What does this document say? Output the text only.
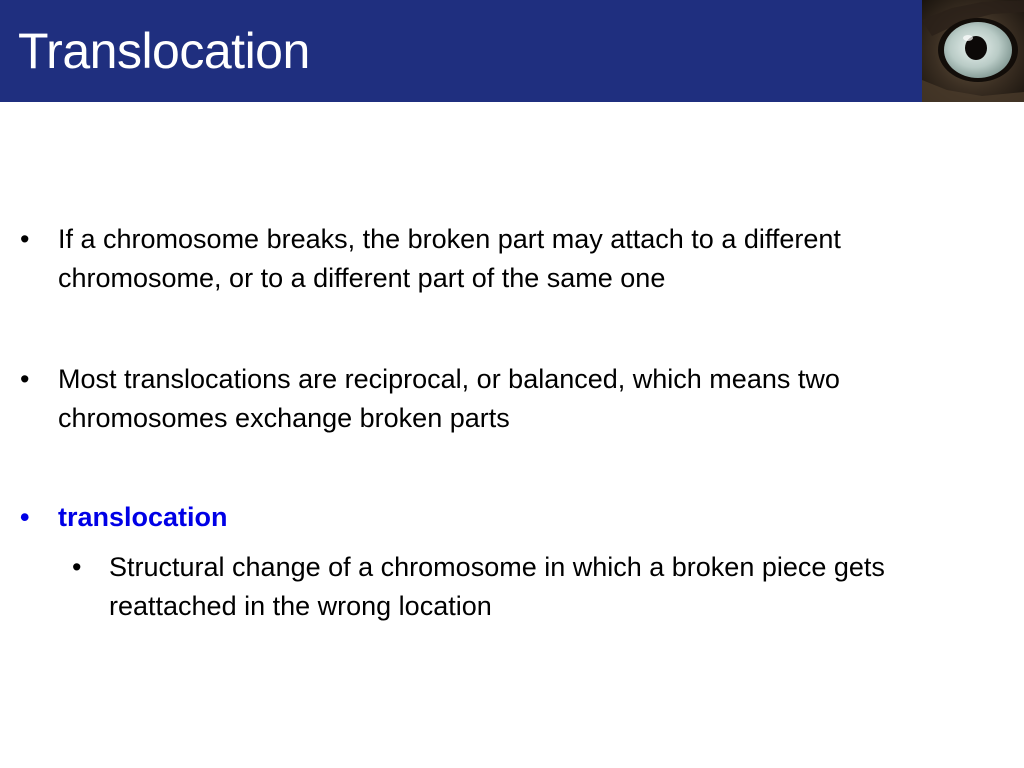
Translocation
• If a chromosome breaks, the broken part may attach to a different chromosome, or to a different part of the same one
• Most translocations are reciprocal, or balanced, which means two chromosomes exchange broken parts
• translocation
• Structural change of a chromosome in which a broken piece gets reattached in the wrong location
